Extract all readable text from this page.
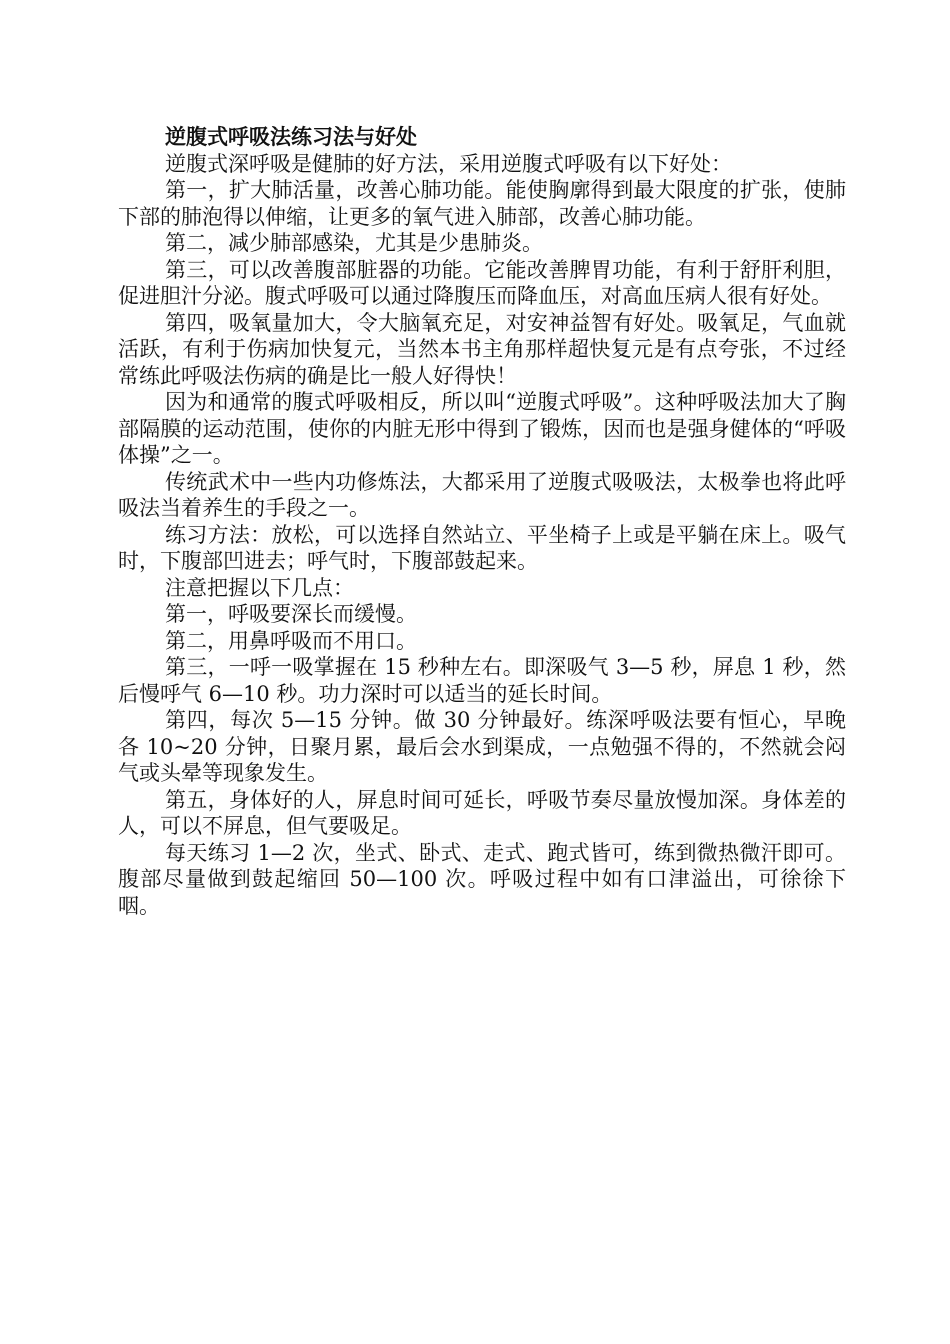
逆腹式呼吸法练习法与好处

逆腹式深呼吸是健肺的好方法，采用逆腹式呼吸有以下好处：

第一，扩大肺活量，改善心肺功能。能使胸廓得到最大限度的扩张，使肺下部的肺泡得以伸缩，让更多的氧气进入肺部，改善心肺功能。

第二，减少肺部感染，尤其是少患肺炎。

第三，可以改善腹部脏器的功能。它能改善脾胃功能，有利于舒肝利胆，促进胆汁分泌。腹式呼吸可以通过降腹压而降血压，对高血压病人很有好处。

第四，吸氧量加大，令大脑氧充足，对安神益智有好处。吸氧足，气血就活跃，有利于伤病加快复元，当然本书主角那样超快复元是有点夸张，不过经常练此呼吸法伤病的确是比一般人好得快！

因为和通常的腹式呼吸相反，所以叫“逆腹式呼吸”。这种呼吸法加大了胸部隔膜的运动范围，使你的内脏无形中得到了锻炼，因而也是强身健体的“呼吸体操”之一。

传统武术中一些内功修炼法，大都采用了逆腹式吸吸法，太极拳也将此呼吸法当着养生的手段之一。

练习方法：放松，可以选择自然站立、平坐椅子上或是平躺在床上。吸气时，下腹部凹进去；呼气时，下腹部鼓起来。

注意把握以下几点：

第一，呼吸要深长而缓慢。

第二，用鼻呼吸而不用口。

第三，一呼一吸掌握在 15 秒种左右。即深吸气 3—5 秒，屏息 1 秒，然后慢呼气 6—10 秒。功力深时可以适当的延长时间。

第四，每次 5—15 分钟。做 30 分钟最好。练深呼吸法要有恒心，早晚各 10~20 分钟，日聚月累，最后会水到渠成，一点勉强不得的，不然就会闷气或头晕等现象发生。

第五，身体好的人，屏息时间可延长，呼吸节奏尽量放慢加深。身体差的人，可以不屏息，但气要吸足。

每天练习 1—2 次，坐式、卧式、走式、跑式皆可，练到微热微汗即可。腹部尽量做到鼓起缩回 50—100 次。呼吸过程中如有口津溢出，可徐徐下咽。
